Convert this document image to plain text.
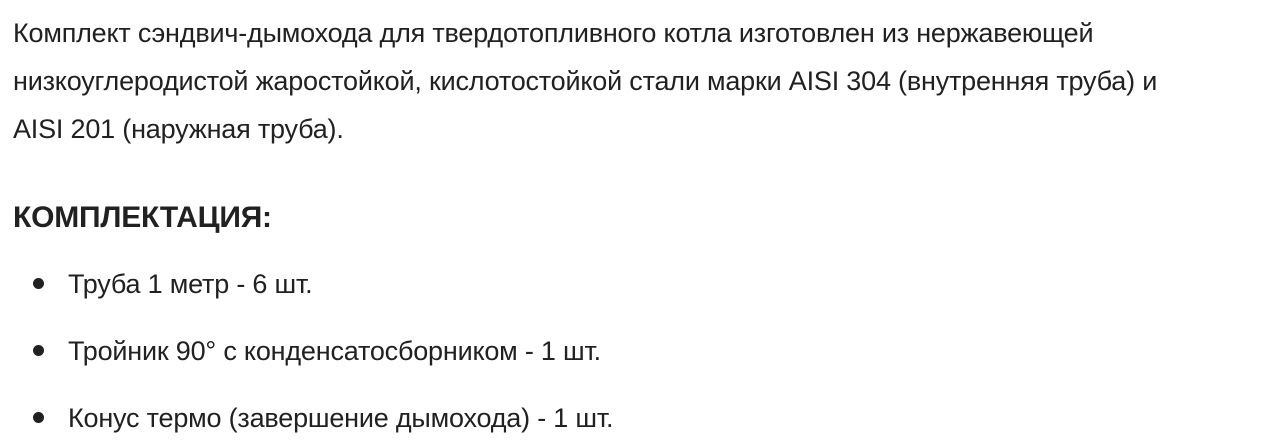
Комплект сэндвич-дымохода для твердотопливного котла изготовлен из нержавеющей
низкоуглеродистой жаростойкой, кислотостойкой стали марки AISI 304 (внутренняя труба) и
AISI 201 (наружная труба).
КОМПЛЕКТАЦИЯ:
Труба 1 метр - 6 шт.
Тройник 90° с конденсатосборником - 1 шт.
Конус термо (завершение дымохода) - 1 шт.
